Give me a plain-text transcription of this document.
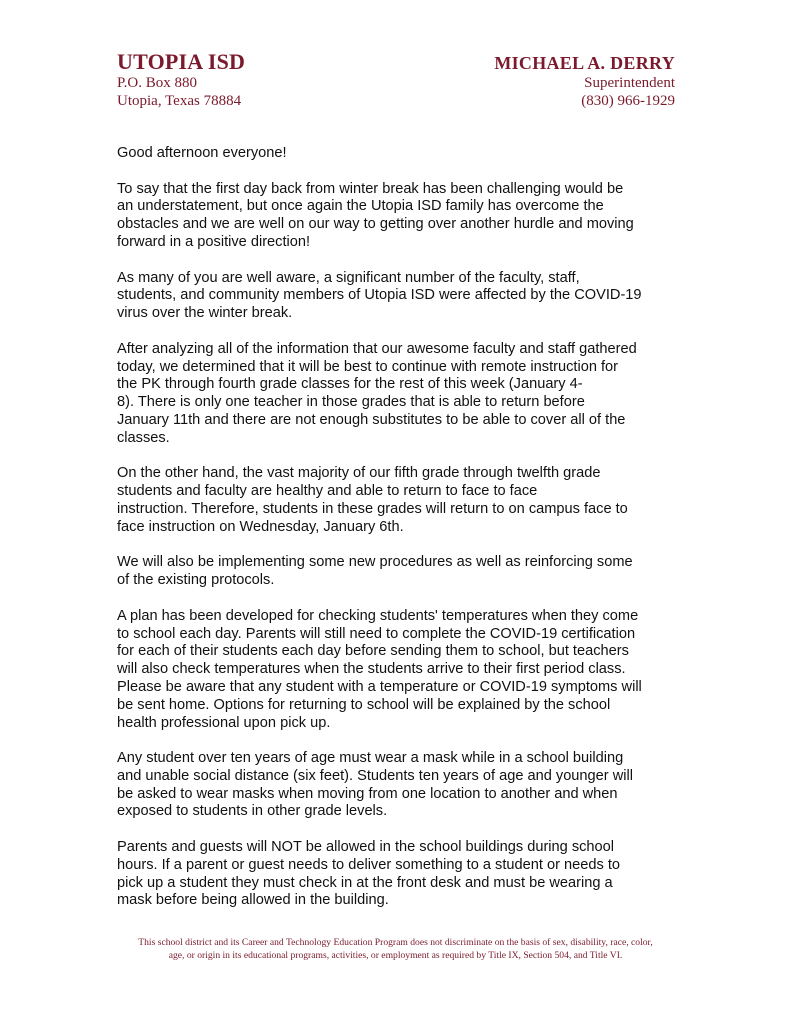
UTOPIA ISD
P.O. Box 880
Utopia, Texas 78884
MICHAEL A. DERRY
Superintendent
(830) 966-1929

Good afternoon everyone!

To say that the first day back from winter break has been challenging would be
an understatement, but once again the Utopia ISD family has overcome the
obstacles and we are well on our way to getting over another hurdle and moving
forward in a positive direction!

As many of you are well aware, a significant number of the faculty, staff,
students, and community members of Utopia ISD were affected by the COVID-19
virus over the winter break.

After analyzing all of the information that our awesome faculty and staff gathered
today, we determined that it will be best to continue with remote instruction for
the PK through fourth grade classes for the rest of this week (January 4-
8). There is only one teacher in those grades that is able to return before
January 11th and there are not enough substitutes to be able to cover all of the
classes.

On the other hand, the vast majority of our fifth grade through twelfth grade
students and faculty are healthy and able to return to face to face
instruction. Therefore, students in these grades will return to on campus face to
face instruction on Wednesday, January 6th.

We will also be implementing some new procedures as well as reinforcing some
of the existing protocols.

A plan has been developed for checking students' temperatures when they come
to school each day. Parents will still need to complete the COVID-19 certification
for each of their students each day before sending them to school, but teachers
will also check temperatures when the students arrive to their first period class.
Please be aware that any student with a temperature or COVID-19 symptoms will
be sent home. Options for returning to school will be explained by the school
health professional upon pick up.

Any student over ten years of age must wear a mask while in a school building
and unable social distance (six feet). Students ten years of age and younger will
be asked to wear masks when moving from one location to another and when
exposed to students in other grade levels.

Parents and guests will NOT be allowed in the school buildings during school
hours. If a parent or guest needs to deliver something to a student or needs to
pick up a student they must check in at the front desk and must be wearing a
mask before being allowed in the building.

This school district and its Career and Technology Education Program does not discriminate on the basis of sex, disability, race, color,
age, or origin in its educational programs, activities, or employment as required by Title IX, Section 504, and Title VI.
